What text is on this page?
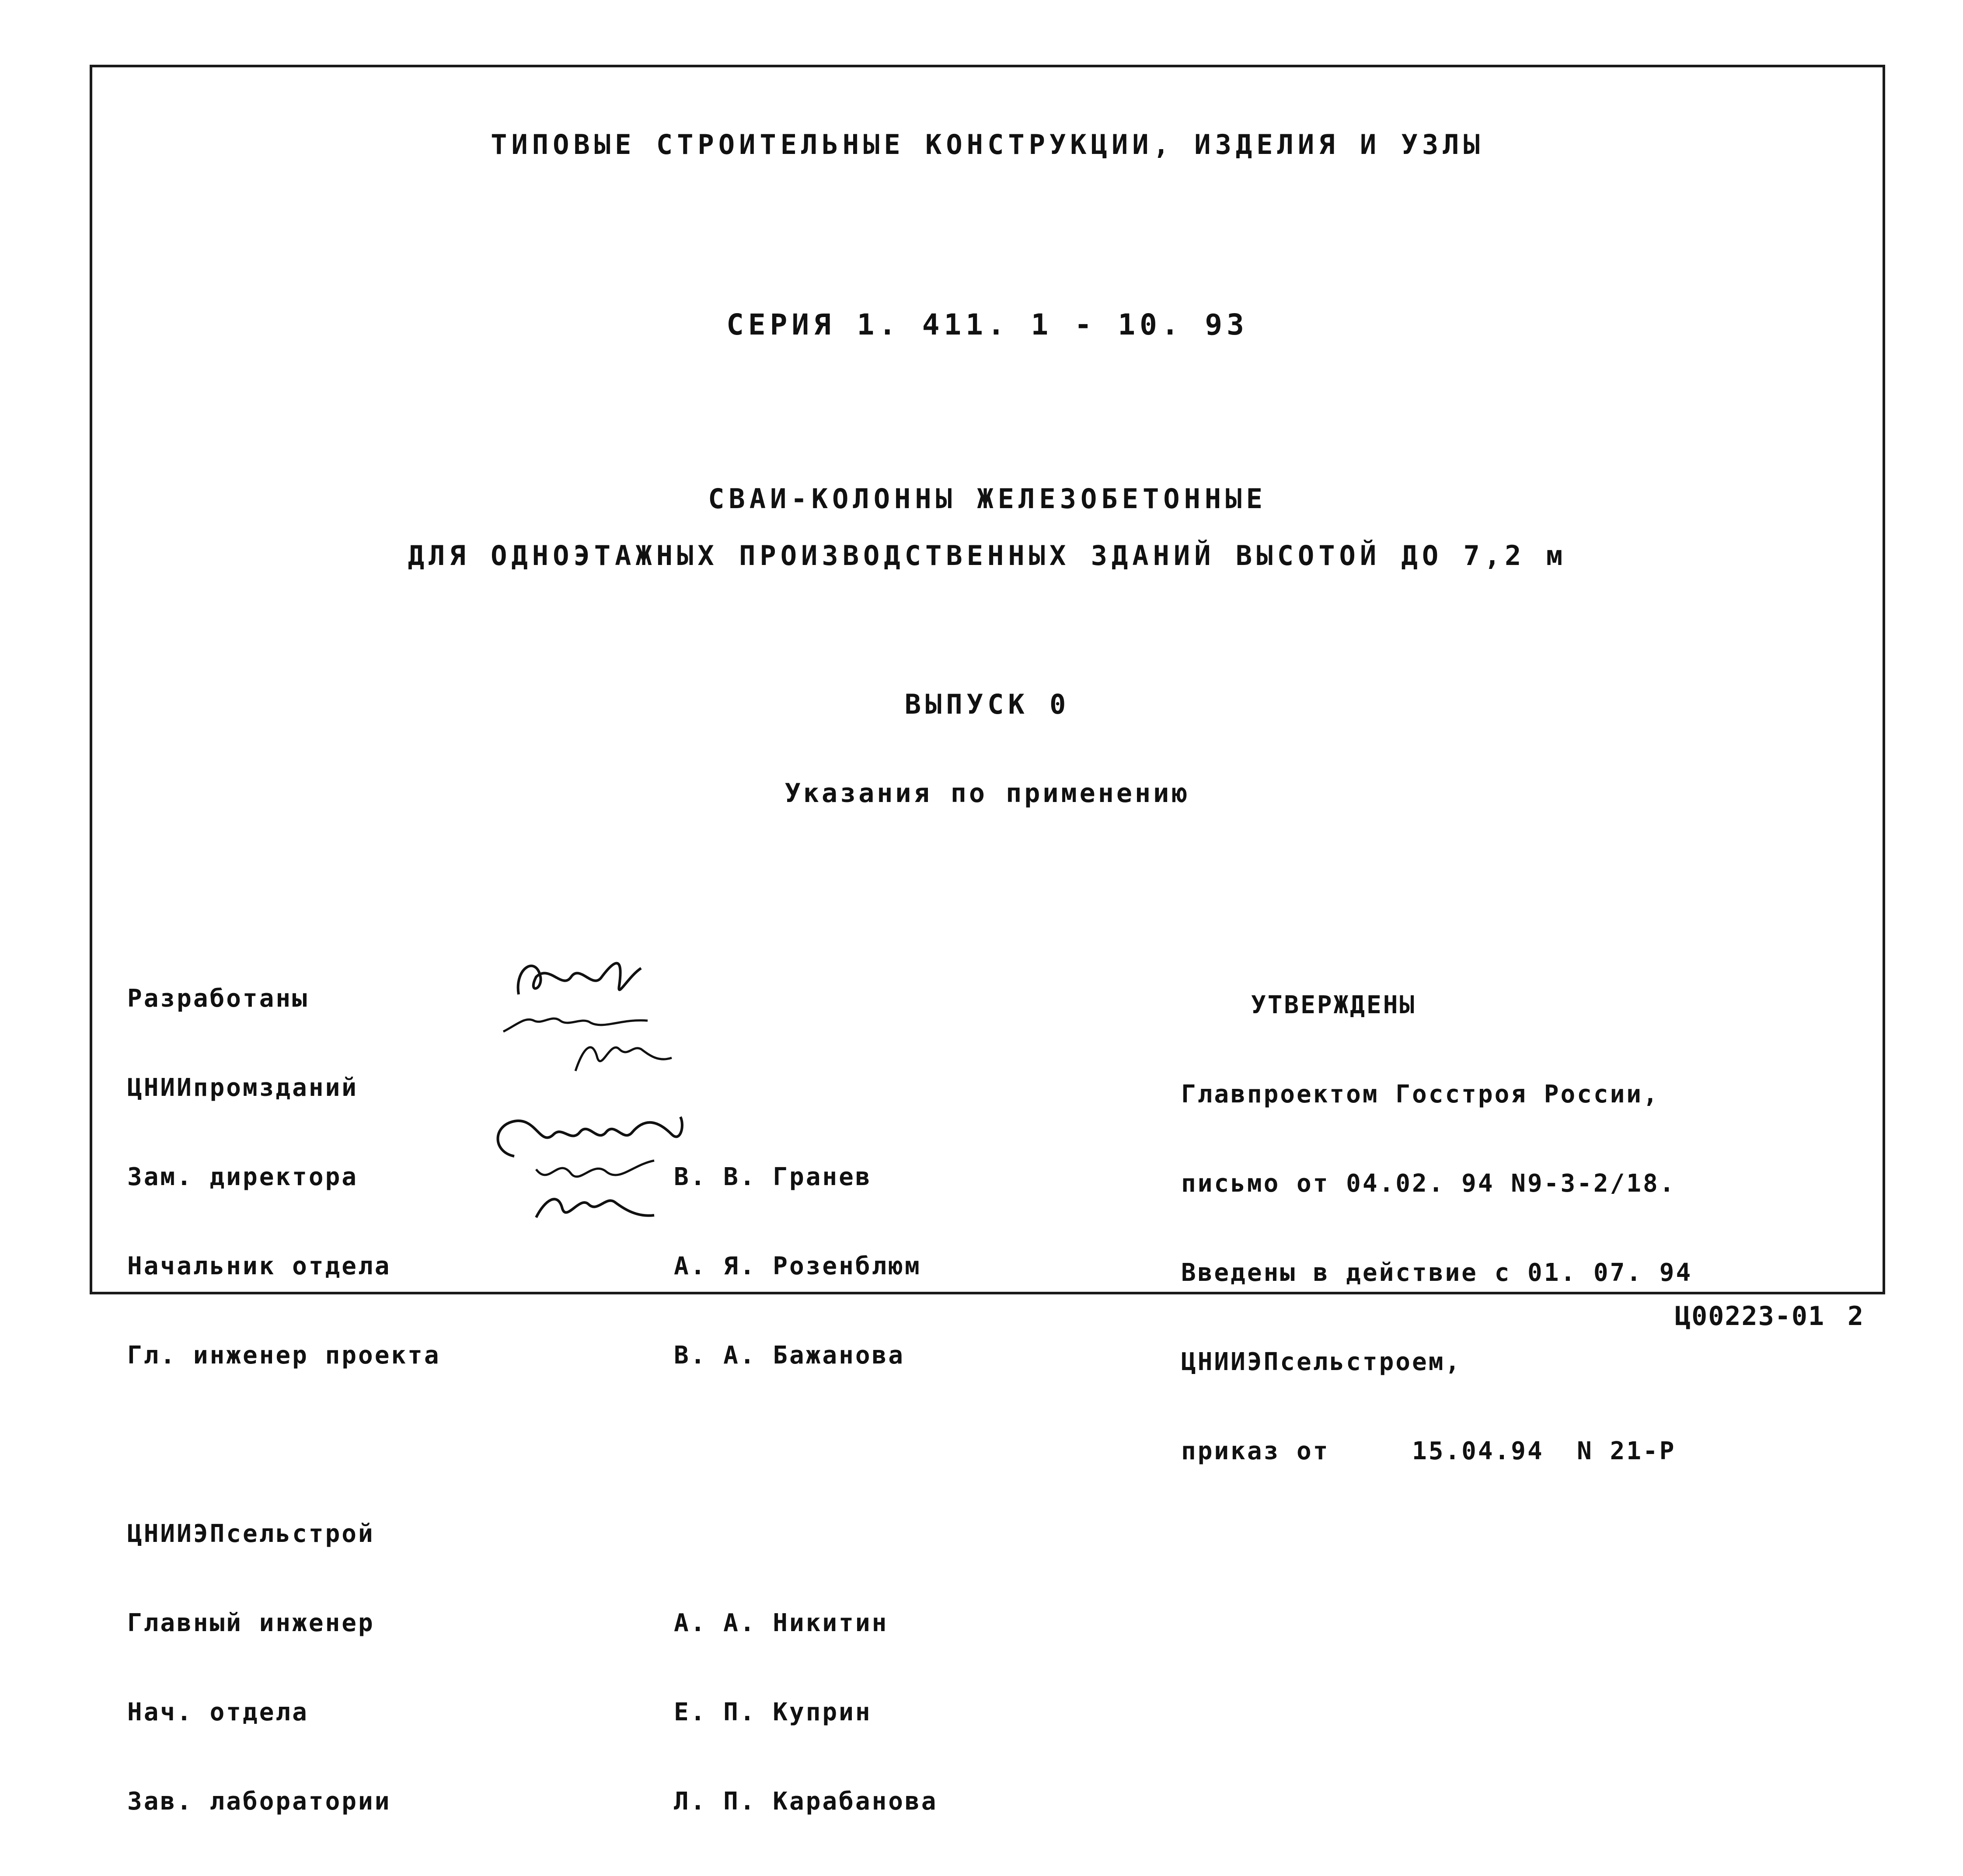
ТИПОВЫЕ СТРОИТЕЛЬНЫЕ КОНСТРУКЦИИ, ИЗДЕЛИЯ И УЗЛЫ
СЕРИЯ 1. 411. 1 - 10. 93
СВАИ-КОЛОННЫ ЖЕЛЕЗОБЕТОННЫЕ
ДЛЯ ОДНОЭТАЖНЫХ ПРОИЗВОДСТВЕННЫХ ЗДАНИЙ ВЫСОТОЙ ДО 7,2 м
ВЫПУСК 0
Указания по применению

Разработаны

ЦНИИпромзданий

Зам. директора	В. В. Гранев

Начальник отдела	А. Я. Розенблюм

Гл. инженер проекта	В. А. Бажанова

ЦНИИЭПсельстрой

Главный инженер	А. А. Никитин

Нач. отдела	Е. П. Куприн

Зав. лаборатории	Л. П. Карабанова

УТВЕРЖДЕНЫ

Главпроектом Госстроя России,

письмо от 04.02. 94 N9-3-2/18.

Введены в действие с 01. 07. 94

ЦНИИЭПсельстроем,

приказ от     15.04.94  N 21-Р

Ц00223-01 2
